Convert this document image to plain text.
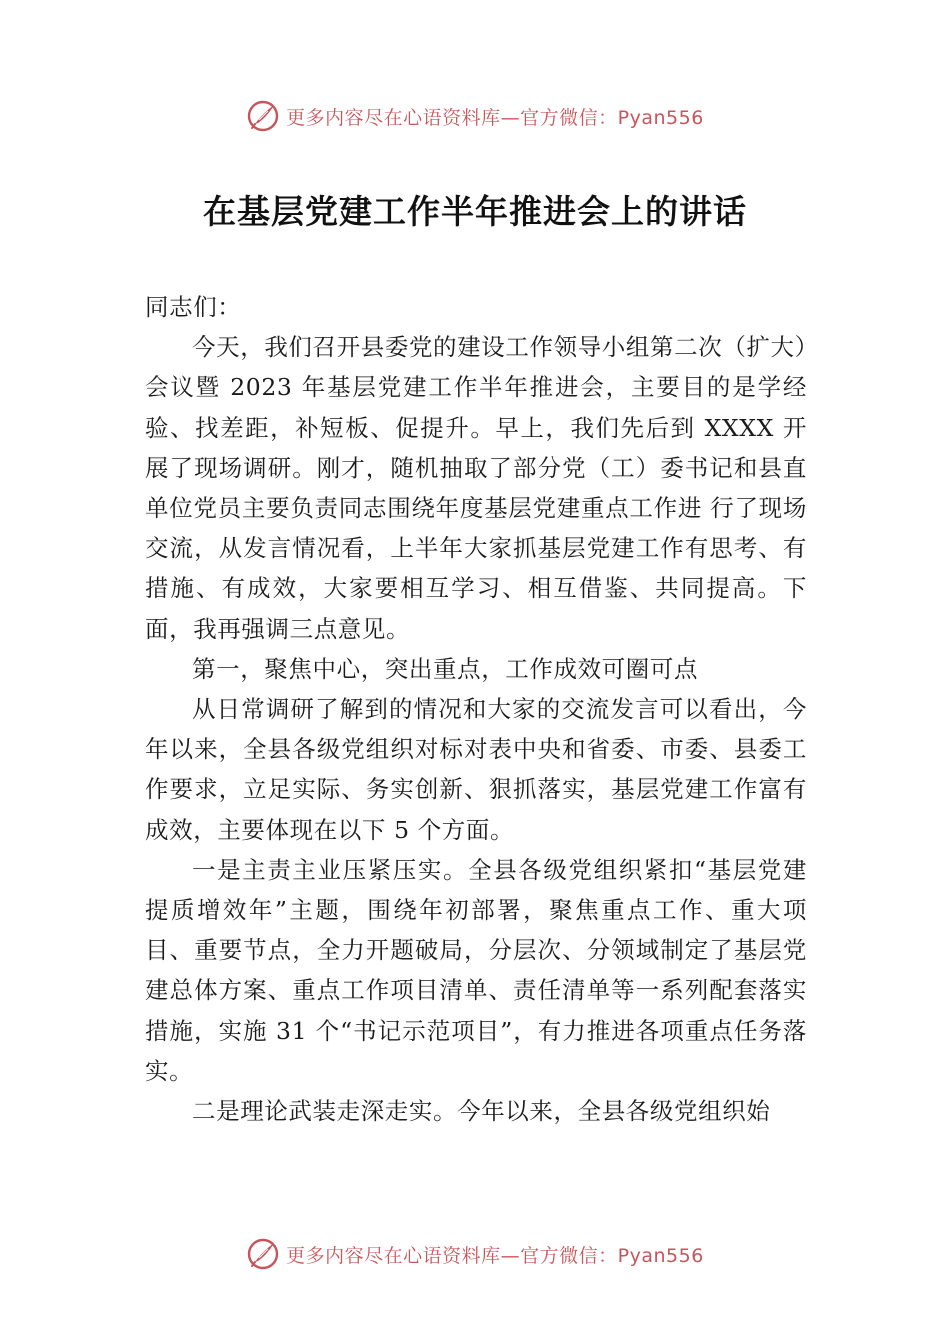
更多内容尽在心语资料库—官方微信：Pyan556
在基层党建工作半年推进会上的讲话

同志们：

今天，我们召开县委党的建设工作领导小组第二次（扩大）会议暨 2023 年基层党建工作半年推进会，主要目的是学经验、找差距，补短板、促提升。早上，我们先后到 XXXX 开展了现场调研。刚才，随机抽取了部分党（工）委书记和县直单位党员主要负责同志围绕年度基层党建重点工作进 行了现场交流，从发言情况看，上半年大家抓基层党建工作有思考、有措施、有成效，大家要相互学习、相互借鉴、共同提高。下面，我再强调三点意见。

第一，聚焦中心，突出重点，工作成效可圈可点

从日常调研了解到的情况和大家的交流发言可以看出，今年以来，全县各级党组织对标对表中央和省委、市委、县委工作要求，立足实际、务实创新、狠抓落实，基层党建工作富有成效，主要体现在以下 5 个方面。

一是主责主业压紧压实。全县各级党组织紧扣“基层党建提质增效年”主题，围绕年初部署，聚焦重点工作、重大项目、重要节点，全力开题破局，分层次、分领域制定了基层党建总体方案、重点工作项目清单、责任清单等一系列配套落实措施，实施 31 个“书记示范项目”，有力推进各项重点任务落实。

二是理论武装走深走实。今年以来，全县各级党组织始

更多内容尽在心语资料库—官方微信：Pyan556
